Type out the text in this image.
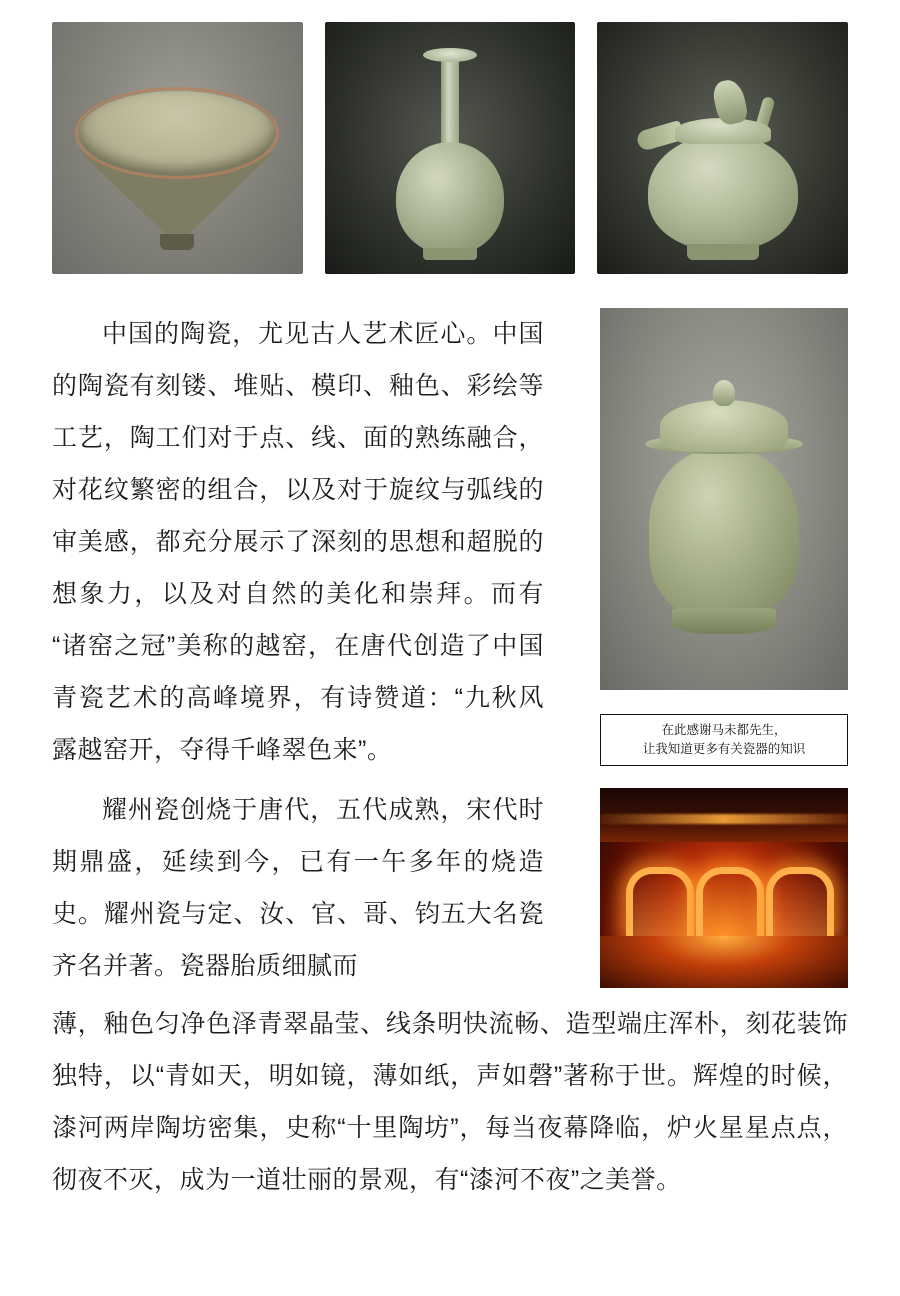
在此感谢马未都先生，
让我知道更多有关瓷器的知识

中国的陶瓷，尤见古人艺术匠心。中国的陶瓷有刻镂、堆贴、模印、釉色、彩绘等工艺，陶工们对于点、线、面的熟练融合，对花纹繁密的组合，以及对于旋纹与弧线的审美感，都充分展示了深刻的思想和超脱的想象力，以及对自然的美化和崇拜。而有“诸窑之冠”美称的越窑，在唐代创造了中国青瓷艺术的高峰境界，有诗赞道：“九秋风露越窑开，夺得千峰翠色来”。

耀州瓷创烧于唐代，五代成熟，宋代时期鼎盛，延续到今，已有一午多年的烧造史。耀州瓷与定、汝、官、哥、钧五大名瓷齐名并著。瓷器胎质细腻而

薄，釉色匀净色泽青翠晶莹、线条明快流畅、造型端庄浑朴，刻花装饰独特，以“青如天，明如镜，薄如纸，声如磬”著称于世。辉煌的时候，漆河两岸陶坊密集，史称“十里陶坊”，每当夜幕降临，炉火星星点点，彻夜不灭，成为一道壮丽的景观，有“漆河不夜”之美誉。
